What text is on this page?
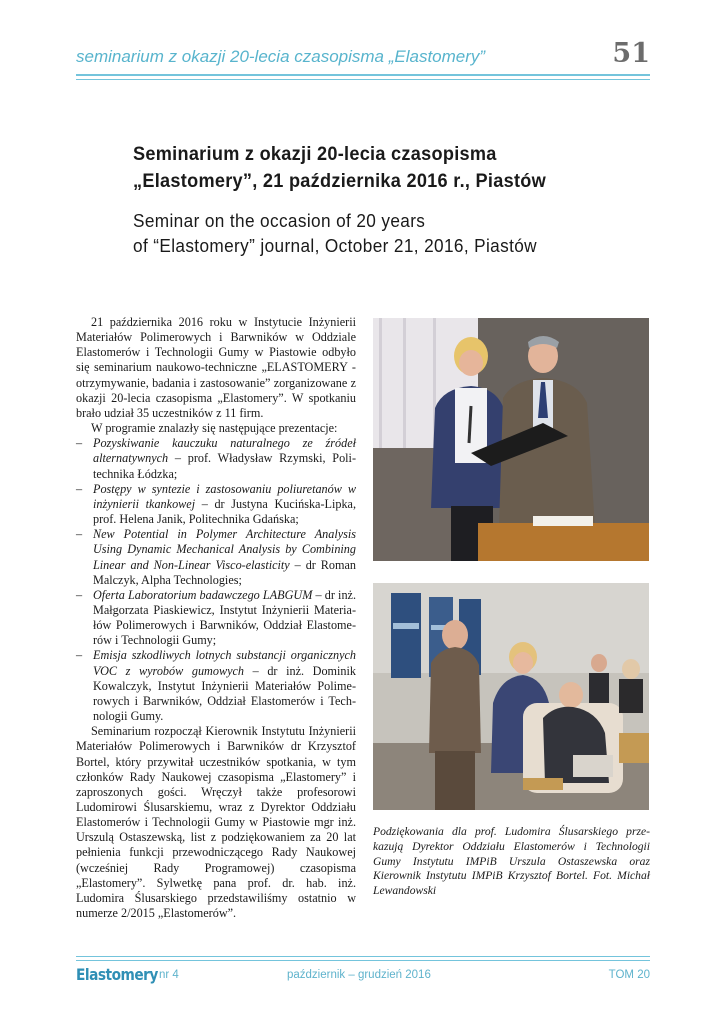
seminarium z okazji 20-lecia czasopisma „Elastomery”	51
Seminarium z okazji 20-lecia czasopisma
„Elastomery”, 21 października 2016 r., Piastów
Seminar on the occasion of 20 years
of “Elastomery” journal, October 21, 2016, Piastów

21 października 2016 roku w Instytucie Inżynierii Materiałów Polimerowych i Barwników w Oddziale Elastomerów i Technologii Gumy w Piastowie odbyło się seminarium naukowo-techniczne „ELASTOMERY - otrzymywanie, badania i zastosowanie” zorganizowane z okazji 20-lecia czasopisma „Elastomery”. W spotkaniu brało udział 35 uczestników z 11 firm.

W programie znalazły się następujące prezentacje:

– Pozyskiwanie kauczuku naturalnego ze źródeł alternatywnych – prof. Władysław Rzymski, Politechnika Łódzka;
– Postępy w syntezie i zastosowaniu poliuretanów w inżynierii tkankowej – dr Justyna Kucińska-Lipka, prof. Helena Janik, Politechnika Gdańska;
– New Potential in Polymer Architecture Analysis Using Dynamic Mechanical Analysis by Combining Linear and Non-Linear Visco-elasticity – dr Roman Malczyk, Alpha Technologies;
– Oferta Laboratorium badawczego LABGUM – dr inż. Małgorzata Piaskiewicz, Instytut Inżynierii Materiałów Polimerowych i Barwników, Oddział Elastomerów i Technologii Gumy;
– Emisja szkodliwych lotnych substancji organicznych VOC z wyrobów gumowych – dr inż. Dominik Kowalczyk, Instytut Inżynierii Materiałów Polimerowych i Barwników, Oddział Elastomerów i Technologii Gumy.

Seminarium rozpoczął Kierownik Instytutu Inżynierii Materiałów Polimerowych i Barwników dr Krzysztof Bortel, który przywitał uczestników spotkania, w tym członków Rady Naukowej czasopisma „Elastomery” i zaproszonych gości. Wręczył także profesorowi Ludomirowi Ślusarskiemu, wraz z Dyrektor Oddziału Elastomerów i Technologii Gumy w Piastowie mgr inż. Urszulą Ostaszewską, list z podziękowaniem za 20 lat pełnienia funkcji przewodniczącego Rady Naukowej (wcześniej Rady Programowej) czasopisma „Elastomery”. Sylwetkę pana prof. dr. hab. inż. Ludomira Ślusarskiego przedstawiliśmy ostatnio w numerze 2/2015 „Elastomerów”.

Podziękowania dla prof. Ludomira Ślusarskiego przekazują Dyrektor Oddziału Elastomerów i Technologii Gumy Instytutu IMPiB Urszula Ostaszewska oraz Kierownik Instytutu IMPiB Krzysztof Bortel. Fot. Michał Lewandowski
Elastomery nr 4	październik – grudzień 2016	TOM 20
